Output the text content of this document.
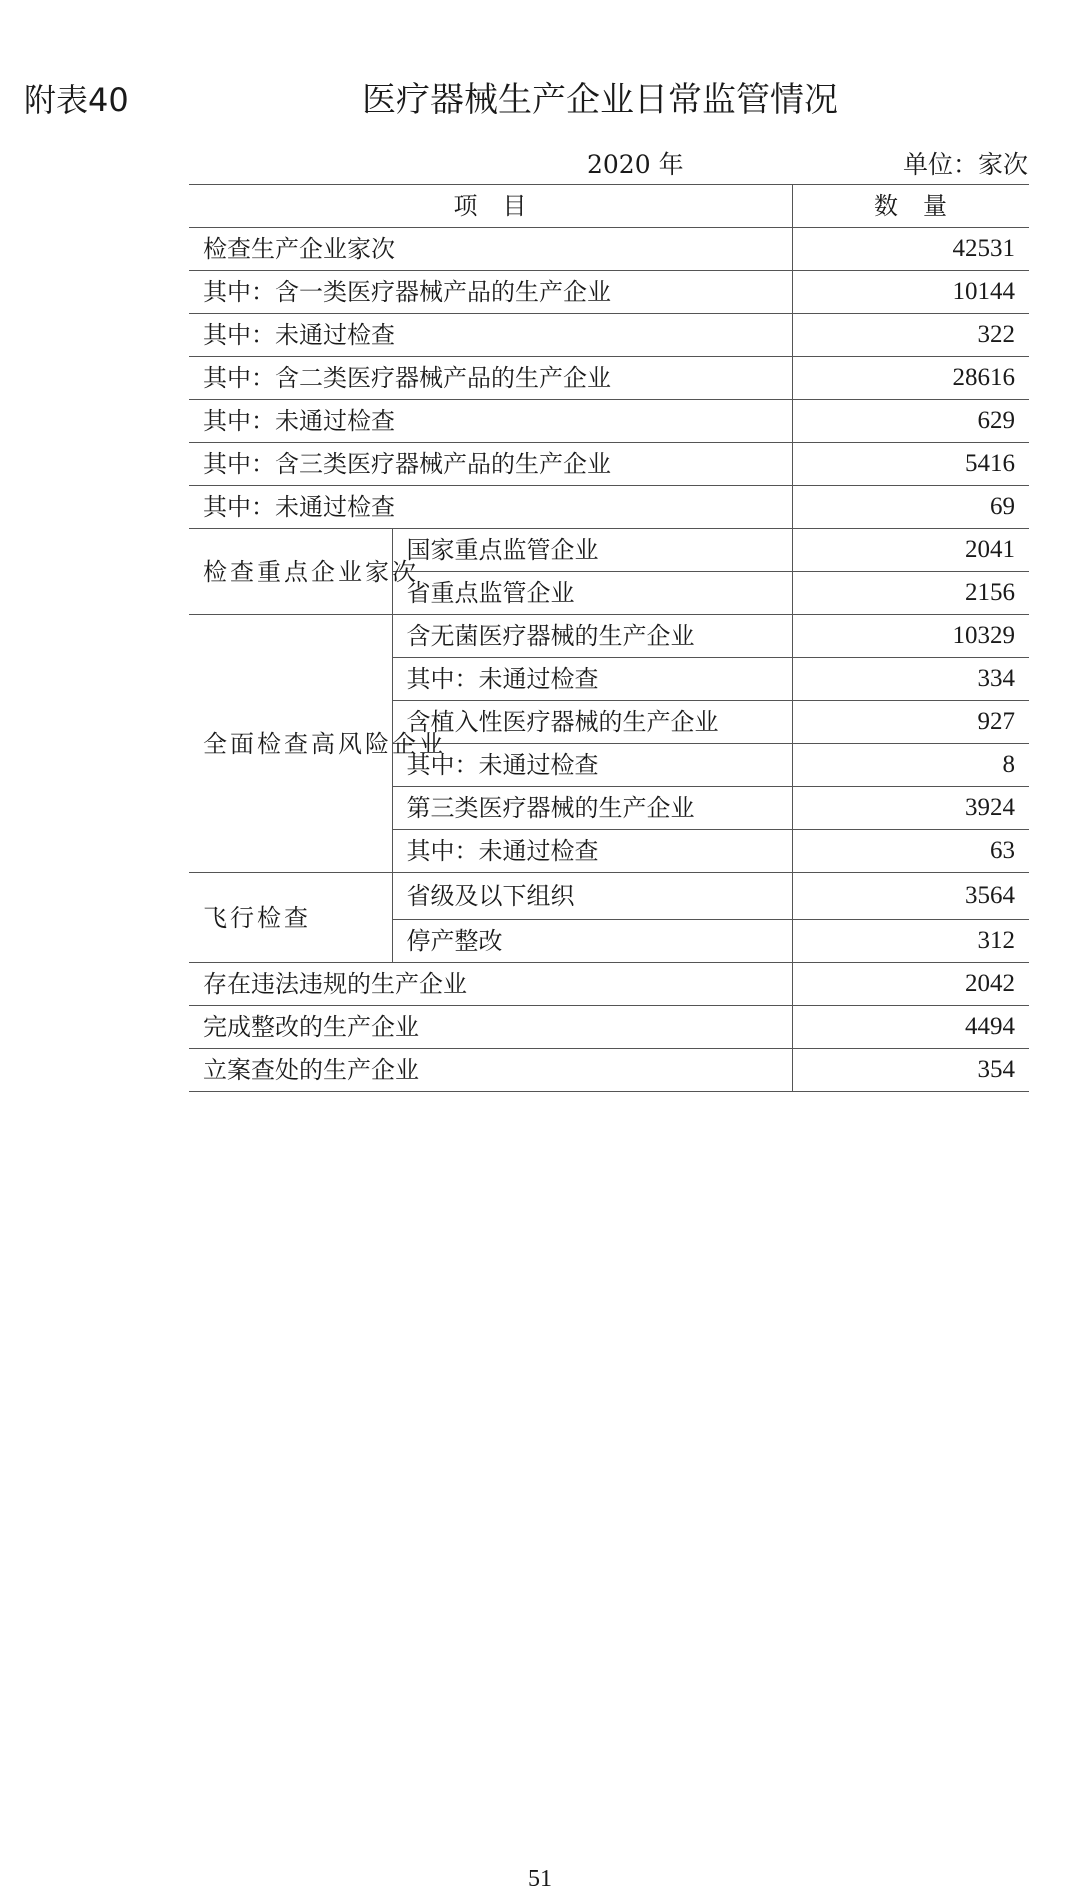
附表40	医疗器械生产企业日常监管情况
2020 年	单位：家次
项　目		数　量
检查生产企业家次		42531
其中：含一类医疗器械产品的生产企业		10144
其中：未通过检查		322
其中：含二类医疗器械产品的生产企业		28616
其中：未通过检查		629
其中：含三类医疗器械产品的生产企业		5416
其中：未通过检查		69
检查重点企业家次	国家重点监管企业	2041
	省重点监管企业	2156
全面检查高风险企业	含无菌医疗器械的生产企业	10329
	其中：未通过检查	334
	含植入性医疗器械的生产企业	927
	其中：未通过检查	8
	第三类医疗器械的生产企业	3924
	其中：未通过检查	63
飞行检查	省级及以下组织	3564
	停产整改	312
存在违法违规的生产企业		2042
完成整改的生产企业		4494
立案查处的生产企业		354
51
